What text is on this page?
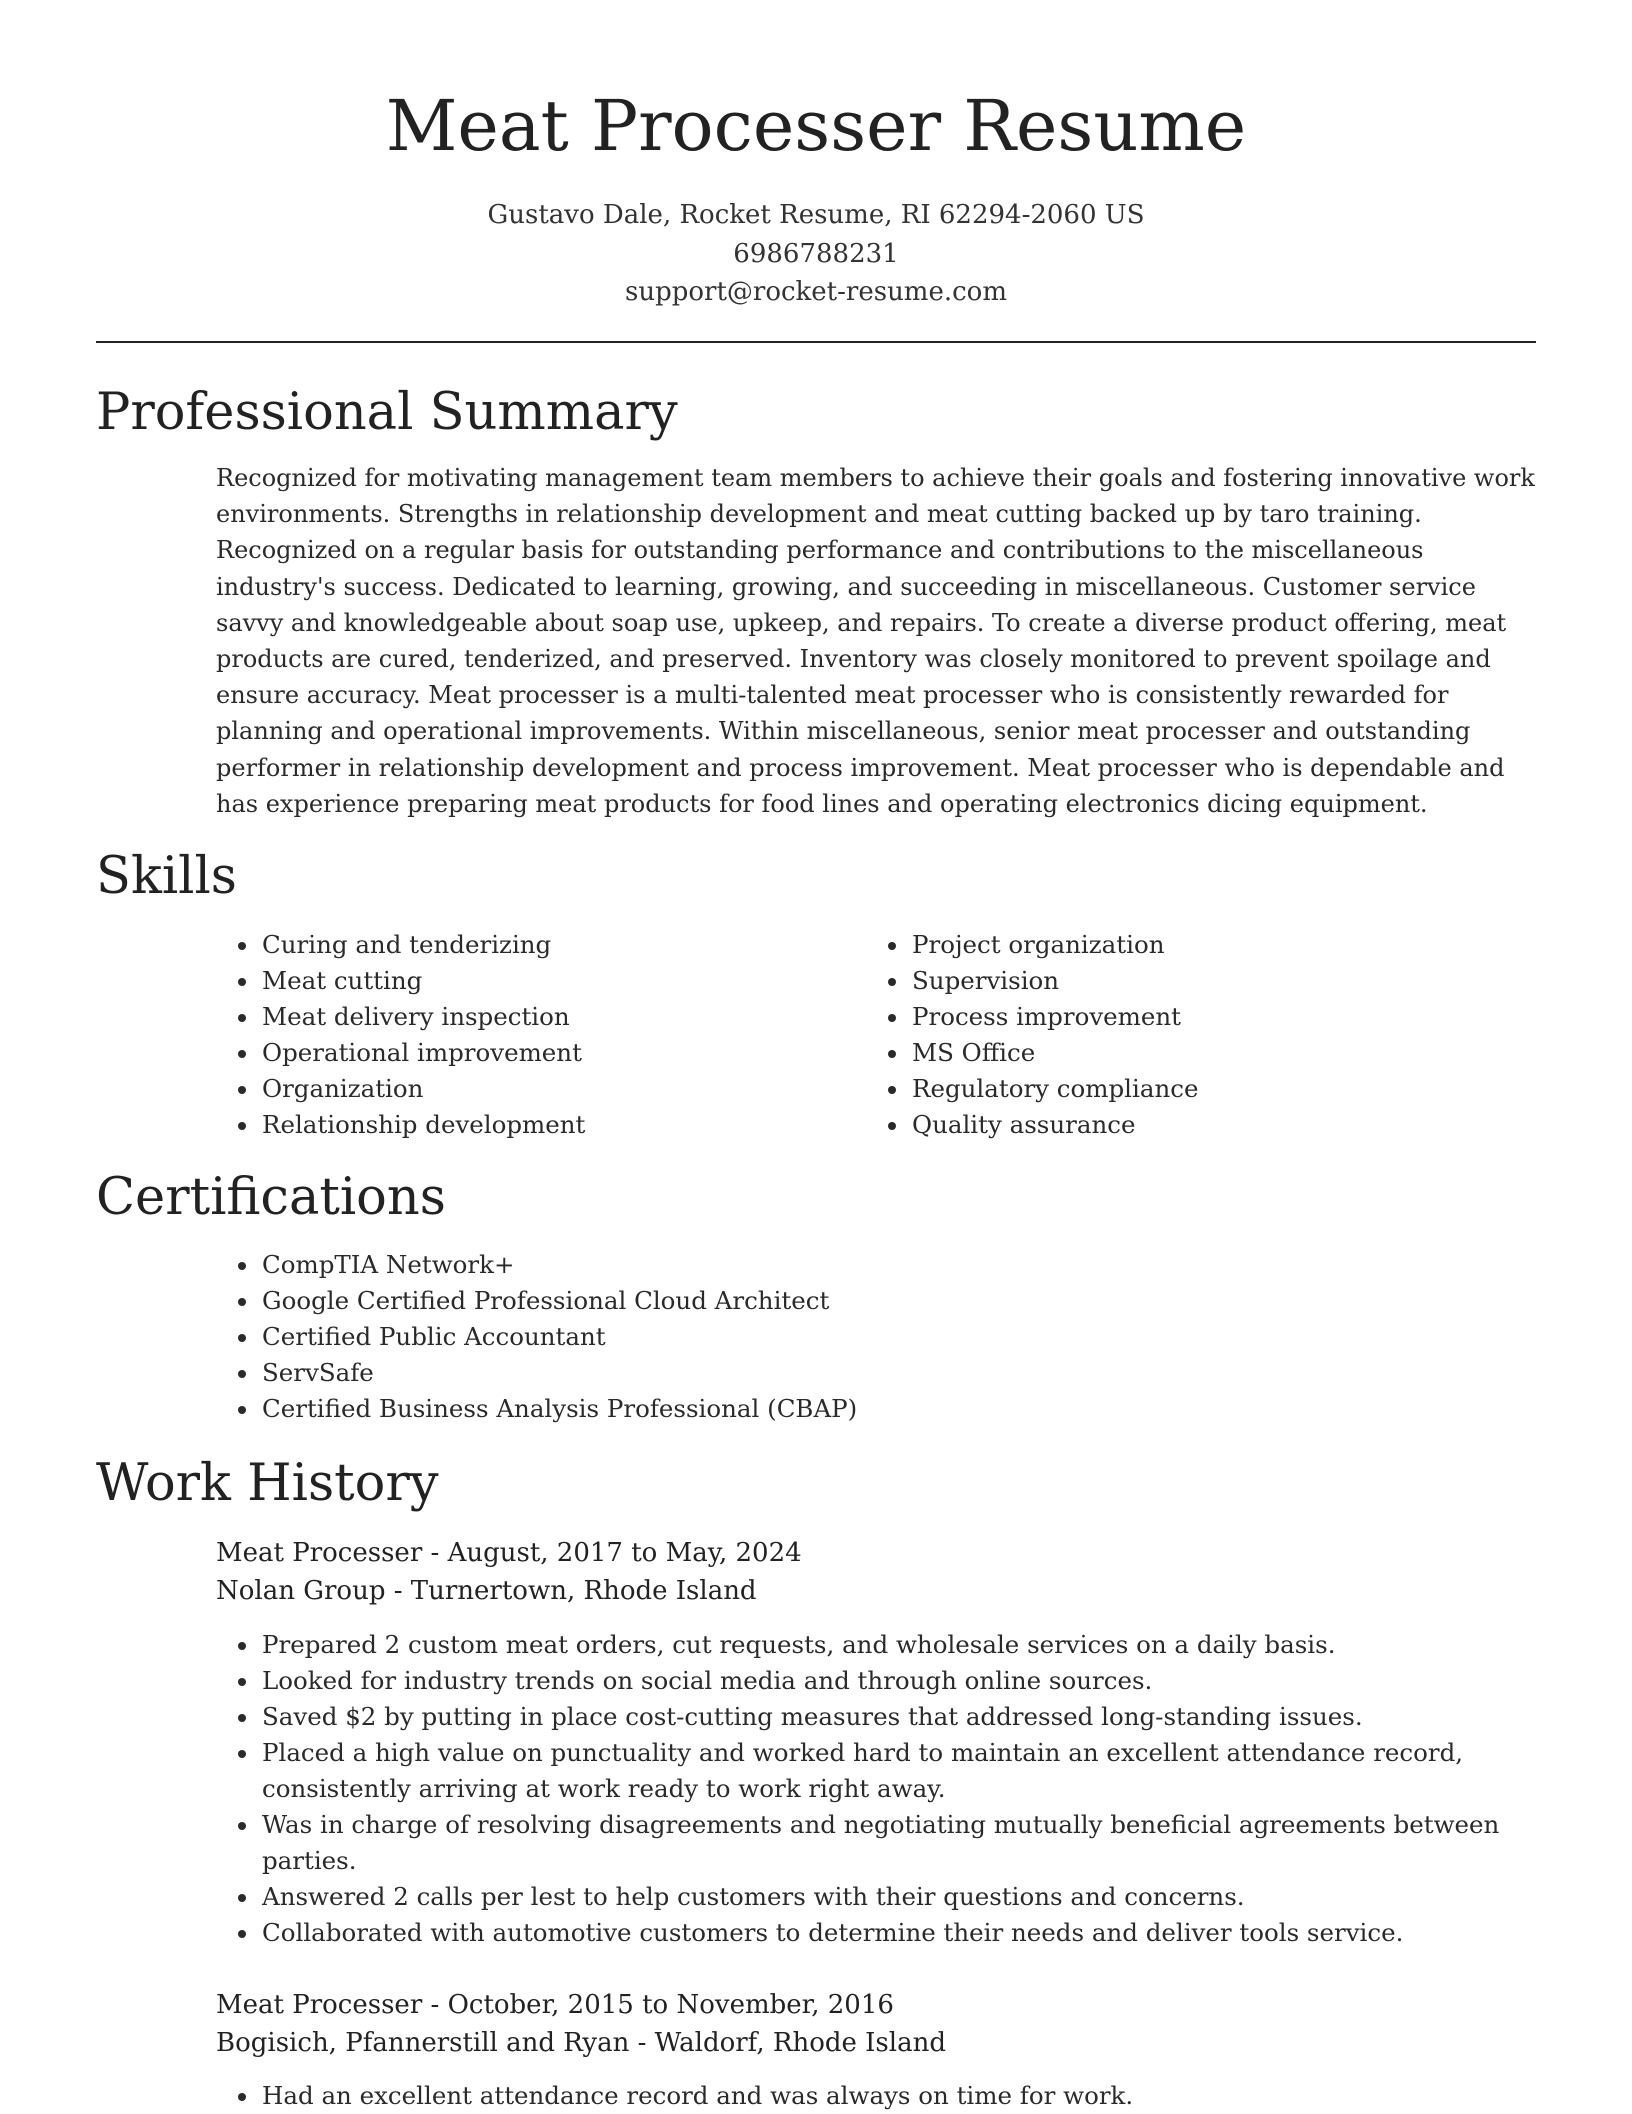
Meat Processer Resume
Gustavo Dale, Rocket Resume, RI 62294-2060 US
6986788231
support@rocket-resume.com
Professional Summary

Recognized for motivating management team members to achieve their goals and fostering innovative work environments. Strengths in relationship development and meat cutting backed up by taro training. Recognized on a regular basis for outstanding performance and contributions to the miscellaneous industry's success. Dedicated to learning, growing, and succeeding in miscellaneous. Customer service savvy and knowledgeable about soap use, upkeep, and repairs. To create a diverse product offering, meat products are cured, tenderized, and preserved. Inventory was closely monitored to prevent spoilage and ensure accuracy. Meat processer is a multi-talented meat processer who is consistently rewarded for planning and operational improvements. Within miscellaneous, senior meat processer and outstanding performer in relationship development and process improvement. Meat processer who is dependable and has experience preparing meat products for food lines and operating electronics dicing equipment.

Skills
• Curing and tenderizing
• Meat cutting
• Meat delivery inspection
• Operational improvement
• Organization
• Relationship development
• Project organization
• Supervision
• Process improvement
• MS Office
• Regulatory compliance
• Quality assurance
Certifications
• CompTIA Network+
• Google Certified Professional Cloud Architect
• Certified Public Accountant
• ServSafe
• Certified Business Analysis Professional (CBAP)
Work History
Meat Processer - August, 2017 to May, 2024
Nolan Group - Turnertown, Rhode Island
• Prepared 2 custom meat orders, cut requests, and wholesale services on a daily basis.
• Looked for industry trends on social media and through online sources.
• Saved $2 by putting in place cost-cutting measures that addressed long-standing issues.
• Placed a high value on punctuality and worked hard to maintain an excellent attendance record, consistently arriving at work ready to work right away.
• Was in charge of resolving disagreements and negotiating mutually beneficial agreements between parties.
• Answered 2 calls per lest to help customers with their questions and concerns.
• Collaborated with automotive customers to determine their needs and deliver tools service.
Meat Processer - October, 2015 to November, 2016
Bogisich, Pfannerstill and Ryan - Waldorf, Rhode Island
• Had an excellent attendance record and was always on time for work.
